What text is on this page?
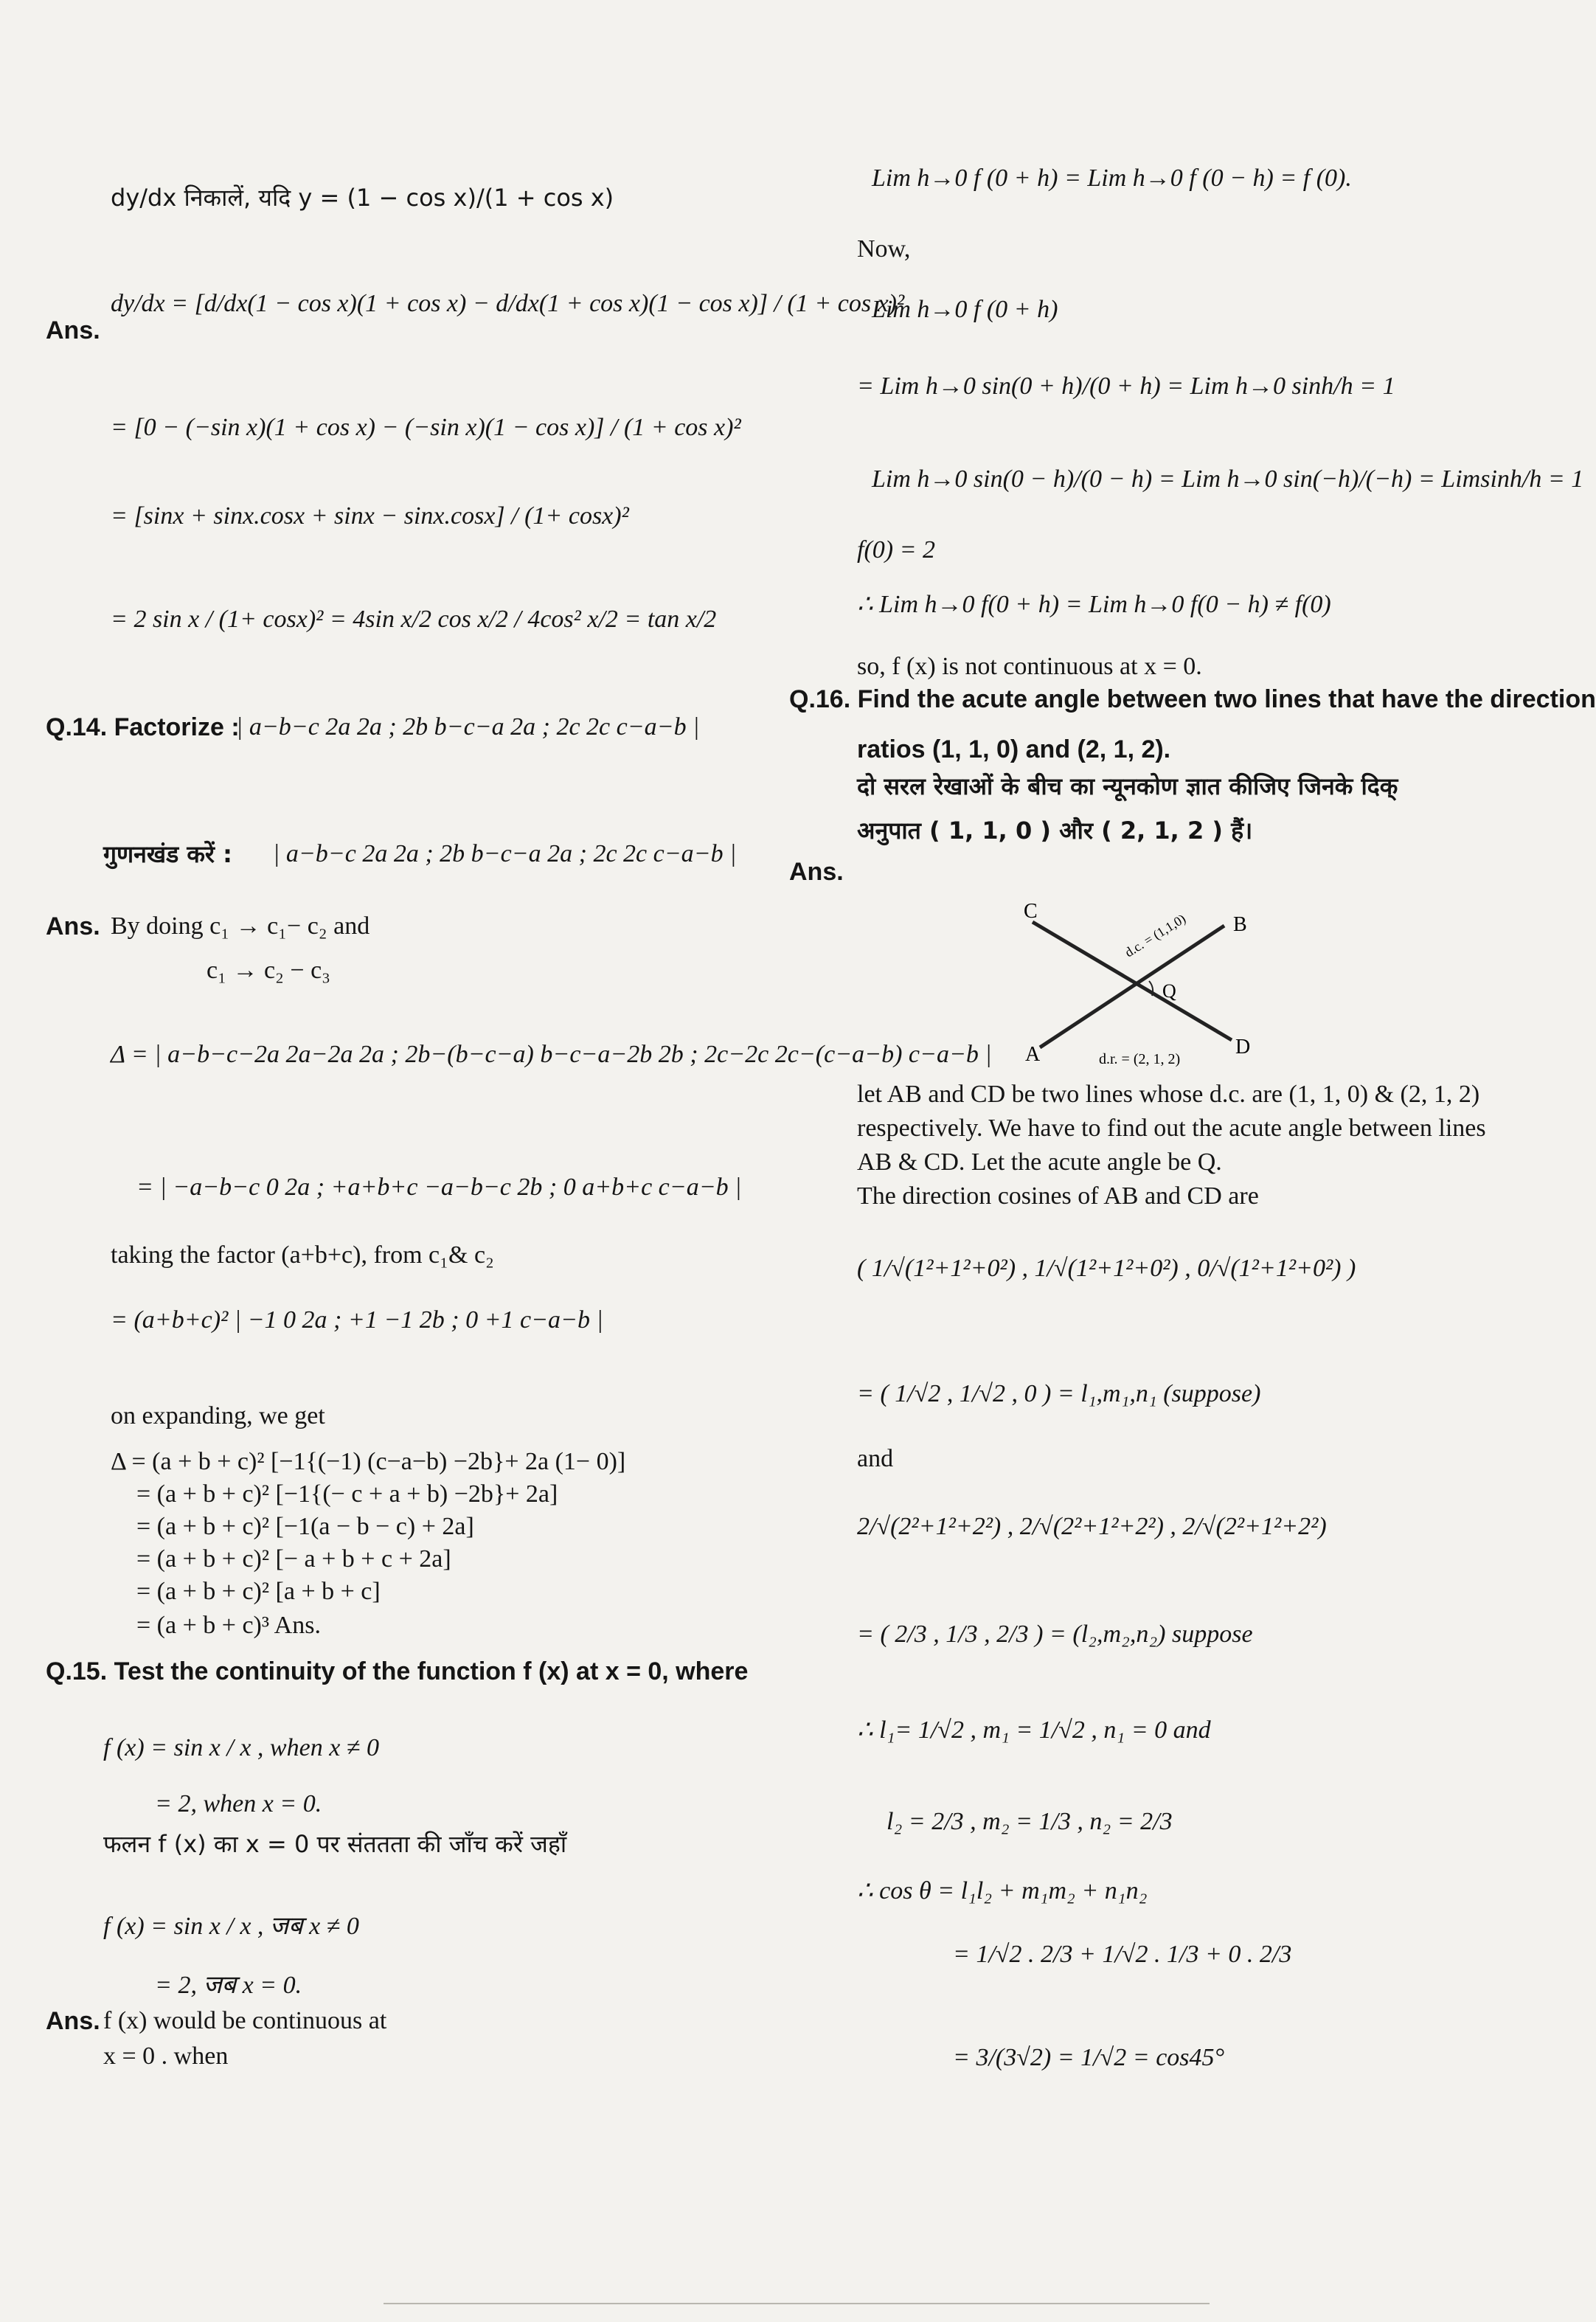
dy/dx निकालें, यदि y = (1 − cos x)/(1 + cos x)
Ans.
dy/dx = [d/dx(1 − cos x)(1 + cos x) − d/dx(1 + cos x)(1 − cos x)] / (1 + cos x)²
= [0 − (−sin x)(1 + cos x) − (−sin x)(1 − cos x)] / (1 + cos x)²
= [sinx + sinx.cosx + sinx − sinx.cosx] / (1+ cosx)²
= 2 sin x / (1+ cosx)² = 4sin x/2 cos x/2 / 4cos² x/2 = tan x/2
Q.14. Factorize :
| a−b−c 2a 2a ; 2b b−c−a 2a ; 2c 2c c−a−b |
गुणनखंड करें : | a−b−c 2a 2a ; 2b b−c−a 2a ; 2c 2c c−a−b |
Ans. By doing c₁ → c₁− c₂ and
c₁ → c₂ − c₃
Δ = | a−b−c−2a 2a−2a 2a ; 2b−(b−c−a) b−c−a−2b 2b ; 2c−2c 2c−(c−a−b) c−a−b |
= | −a−b−c 0 2a ; +a+b+c −a−b−c 2b ; 0 a+b+c c−a−b |
taking the factor (a+b+c), from c₁& c₂
= (a+b+c)² | −1 0 2a ; +1 −1 2b ; 0 +1 c−a−b |
on expanding, we get
Δ = (a + b + c)² [−1{(−1) (c−a−b) −2b}+ 2a (1− 0)]
= (a + b + c)² [−1{(− c + a + b) −2b}+ 2a]
= (a + b + c)² [−1(a − b − c) + 2a]
= (a + b + c)² [− a + b + c + 2a]
= (a + b + c)² [a + b + c]
= (a + b + c)³ Ans.
Q.15. Test the continuity of the function f (x) at x = 0, where
f (x) = sin x / x , when x ≠ 0
= 2, when x = 0.
फलन f (x) का x = 0 पर संततता की जाँच करें जहाँ
f (x) = sin x / x , जब x ≠ 0
= 2, जब x = 0.
Ans. f (x) would be continuous at
x = 0 . when
Lim h→0 f (0 + h) = Lim h→0 f (0 − h) = f (0).
Now,
Lim h→0 f (0 + h)
= Lim h→0 sin(0 + h)/(0 + h) = Lim h→0 sinh/h = 1
Lim h→0 sin(0 − h)/(0 − h) = Lim h→0 sin(−h)/(−h) = Limsinh/h = 1
f(0) = 2
∴ Lim h→0 f(0 + h) = Lim h→0 f(0 − h) ≠ f(0)
so, f (x) is not continuous at x = 0.
Q.16. Find the acute angle between two lines that have the direction
ratios (1, 1, 0) and (2, 1, 2).
दो सरल रेखाओं के बीच का न्यूनकोण ज्ञात कीजिए जिनके दिक्
अनुपात ( 1, 1, 0 ) और ( 2, 1, 2 ) हैं।
Ans.
let AB and CD be two lines whose d.c. are (1, 1, 0) & (2, 1, 2)
respectively. We have to find out the acute angle between lines
AB & CD. Let the acute angle be Q.
The direction cosines of AB and CD are
( 1/√(1²+1²+0²) , 1/√(1²+1²+0²) , 0/√(1²+1²+0²) )
= ( 1/√2 , 1/√2 , 0 ) = l₁,m₁,n₁ (suppose)
and
2/√(2²+1²+2²) , 2/√(2²+1²+2²) , 2/√(2²+1²+2²)
= ( 2/3 , 1/3 , 2/3 ) = (l₂,m₂,n₂) suppose
∴ l₁= 1/√2 , m₁ = 1/√2 , n₁ = 0 and
l₂ = 2/3 , m₂ = 1/3 , n₂ = 2/3
∴ cos θ = l₁l₂ + m₁m₂ + n₁n₂
= 1/√2 . 2/3 + 1/√2 . 1/3 + 0 . 2/3
= 3/(3√2) = 1/√2 = cos45°
C
B
A	D
Q
d.c. = (1,1,0)
d.r. = (2, 1, 2)
